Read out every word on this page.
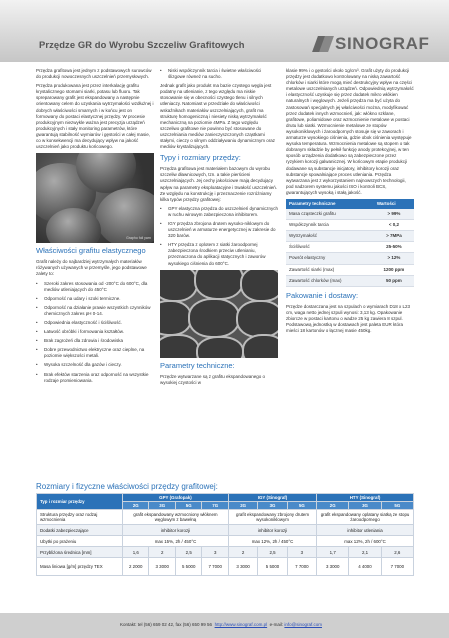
Przędze GR do Wyrobu Szczeliw Grafitowych	SINOGRAF

Przędza grafitowa jest jednym z podstawowych surowców do produkcji nowoczesnych uszczelnień przemysłowych.

Przędza produkowana jest przez interkalację grafitu krystalicznego stomami siarki, potasu lub fluoru. Tak spreparowany grafit jest ekspandowany a następnie orientowany celem do uzyskania wytrzymałości wzdłużnej i dobrych właściwości smarnych i w końcu jest on formowany do postaci elastycznej przędzy. W procesie produkcyjnym niezwykle ważna jest precyzja urządzeń produkcyjnych i stały monitoring parametrów, które gwarantują stabilność wymiarów i gęstości w całej masie, co w konsekwencji ma decydujący wpływ na jakość uszczelnień jako produktu końcowego.

Grapho foil yarn
Właściwości grafitu elastycznego

Grafit należy do najbardziej wytrzymałych materiałów różywanych używanych w przemyśle, jego podstawowe zalety to:

• Szeroki zakres stosowania od -200°C do 600°C, dla mediów utleniających do 450°C
• Odporność na udary i szoki termiczne.
• Odporność na działanie prawie wszystkich czynników chemicznych zakres pH 0-14.
• Odpowiednia elastyczność i ściśliwość.
• Łatwość obróbki i formowania kształtów.
• Brak zagrożeń dla zdrowia i środowiska
• Dobre przewodnictwo elektryczne oraz cieplne, na poziomie większości metali.
• Wysoka szczelność dla gazów i cieczy.
• Brak efektów starzenia oraz odporność na wszystkie rodzaje promieniowania.
• Niski współczynnik tarcia i świetne właściwości ślizgowe równeż na sucho.

Jednak grafit jako produkt ma bazie czystego węgla jest podatny na utlenianie, z tego względu ma niskie stosowanie się w obecności czystego tlenu i silnych utleniaczy. Natomiast w przedziałe do właściwości wskaźnikach materiałów uszczelniających, grafit ma strukturę homogeniczną i niesiety niską wytrzymałość mechaniczną na poziomie 4MPa. Z tego względu szczeliwo grafitowe nie powinno być stosowane do uszczelniania mediów zanieczyszczonych cząstkami stałymi, cieczy o silnym oddziaływaniu dynamicznym oraz mediów krystalizujących.

Typy i rozmiary przędzy:

Przędza grafitowa jest materiałem bazowym do wyrobu szczeliw dławnicowych, tzn. a takie pierścieni uszczelniających. Jej cechy jakościowe mają decydujący wpływ na parametry eksploatacyjne i trwałość uszczelnień. Ze względu na konstrukcję i przeznaczenie rozróżniamy kilka typów przędzy grafitowej:

• GPY elastyczna przędza do uszczelnień dynamicznych w ruchu wirowym zabezpieczona inhibitorem.
• IGY przędza zbrojona drutem wysoko-niklowym do uszczelnień w armaturze energetycznej w zakresie do 320 barów.
• HTY przędza z oplotem z siatki żaroodpornej zabezpieczona środkiem przeciw utlenianiu, przeznaczona do aplikacji statycznych i zaworów wysokiego ciśnienia do 600°C.
Parametry techniczne:

Przędze wytwarzane są z grafitu ekspandowanego o wysokiej czystości w

klasie 99% i o gęstości około 1g/cm³. Grafit użyty do produkcji przędzy jest dodatkowo kontrolowany na niską zawartość chlorków i siarki które mogą mieć destrukcyjny wpływ na części metalowe uszczelnianych urządzeń. Odpowiednią wytrzymałość i elastyczność uzyskuje się przez dodatek mikro włókien naturalnych i węglowych. Jeżeli przędza ma być użyta do zastosowań specjalnych jej właściwości można, modyfikować przez dodatek innych wzmocnień, jak: włókno szklane, grafitowe, poliamidowe oraz wzmocnienie metalowe w postaci drutu lub siatki. Wzmocnienie metalowe ze stopów wysokoniklowych i żaroodpornych stosuje się w zaworach i armaturze wysokiego ciśnienia, gdzie obok ciśnienia występuje wysoka temperatura. Wzmocnienia metalowe są stopem o tak dobranym składzie by pełnił funkcję anody protekcyjnej, w ten sposób urządzenia dodatkowo są zabezpieczone przez ryzykiem korozji galwanicznej. W końcowym etapie produkcji dodawane są substancje inicjatory, inhibitory korozji oraz substancje spowalniające proces utleniania. Przędza wytwarzana jest z wykorzystaniem najnowszych technologii, pod nadzorem systemu jakości ISO i kontroli BCS, gwarantujących wysoką i stałą jakość.

Parametry techniczne	Wartości
Masa cząsteczki grafitu	> 99%
Współczynnik tarcia	< 0,2
Wytrzymałość	> 7MPa
Ściśliwość	25-50%
Powrót elastyczny	> 12%
Zawartość siarki (max)	1200 ppm
Zawartość chlorków (max)	50 ppm
Pakowanie i dostawy:

Przędze dostarczana jest na szpulach o wymiarach D18 x L23 cm, waga netto jednej szpuli wynosi: 3,13 kg. Opakowanie zbiorcze w postaci kartonu o wadze 25 kg zawiera 8 szpul. Podstawową jednostką w dostawach jest paleta EUR która mieści 18 kartonów o łącznej masie 450kg.

Rozmiary i fizyczne właściwości przędzy grafitowej:
Typ i rozmiar przędzy	GPY (Grafopak)				IGY (Sinograf)			HTY (Sinograf)		
	2G	3G	5G	7G	2G	3G	5G	2G	3G	5G
Struktura przędzy oraz rodzaj wzmocnienia	grafit ekspandowany wzmocniony włóknem węglowym z bawełną				grafit ekspandowany zbrojony drutem wysokoniklowym			grafit ekspandowany oplatany siatką ze stopu żaroodpornego		
Dodatki zabezpieczające	inhibitor korozji				inhibitor korozji			inhibitor utleniania		
Ubytki po prażeniu	max 15%, 2h / 450°C				max 12%, 2h / 450°C			max 12%, 2h / 600°C		
Przybliżona średnica [mm]	1,6	2	2,5	3	2	2,5	3	1,7	2,1	2,6
Masa liniowa [g/m] przędzy TEX	2 2000	3 3000	5 5000	7 7000	3 3000	5 5000	7 7000	3 3000	4 4000	7 7000
Kontakt: tel (56) 659 02 42, fax (56) 650 99 56 http://www.sinograf.com.pl e-mail: info@sinograf.com
